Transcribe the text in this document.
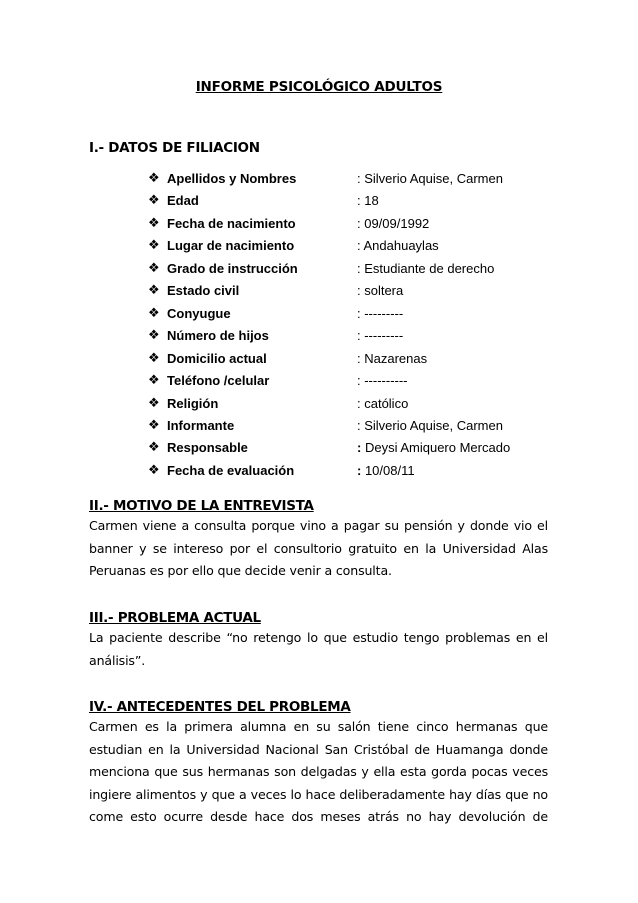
INFORME PSICOLÓGICO ADULTOS
I.- DATOS DE FILIACION
❖ Apellidos y Nombres	: Silverio Aquise, Carmen
❖ Edad	: 18
❖ Fecha de nacimiento	: 09/09/1992
❖ Lugar de nacimiento	: Andahuaylas
❖ Grado de instrucción	: Estudiante de derecho
❖ Estado civil	: soltera
❖ Conyugue	: ---------
❖ Número de hijos	: ---------
❖ Domicilio actual	: Nazarenas
❖ Teléfono /celular	: ----------
❖ Religión	: católico
❖ Informante	: Silverio Aquise, Carmen
❖ Responsable	: Deysi Amiquero Mercado
❖ Fecha de evaluación	: 10/08/11
II.- MOTIVO DE LA ENTREVISTA
Carmen viene a consulta porque vino a pagar su pensión y donde vio el
banner y se intereso por el consultorio gratuito en la Universidad Alas
Peruanas es por ello que decide venir a consulta.
III.- PROBLEMA ACTUAL
La paciente describe “no retengo lo que estudio tengo problemas en el
análisis”.
IV.- ANTECEDENTES DEL PROBLEMA
Carmen es la primera alumna en su salón tiene cinco hermanas que
estudian en la Universidad Nacional San Cristóbal de Huamanga donde
menciona que sus hermanas son delgadas y ella esta gorda pocas veces
ingiere alimentos y que a veces lo hace deliberadamente hay días que no
come esto ocurre desde hace dos meses atrás no hay devolución de
